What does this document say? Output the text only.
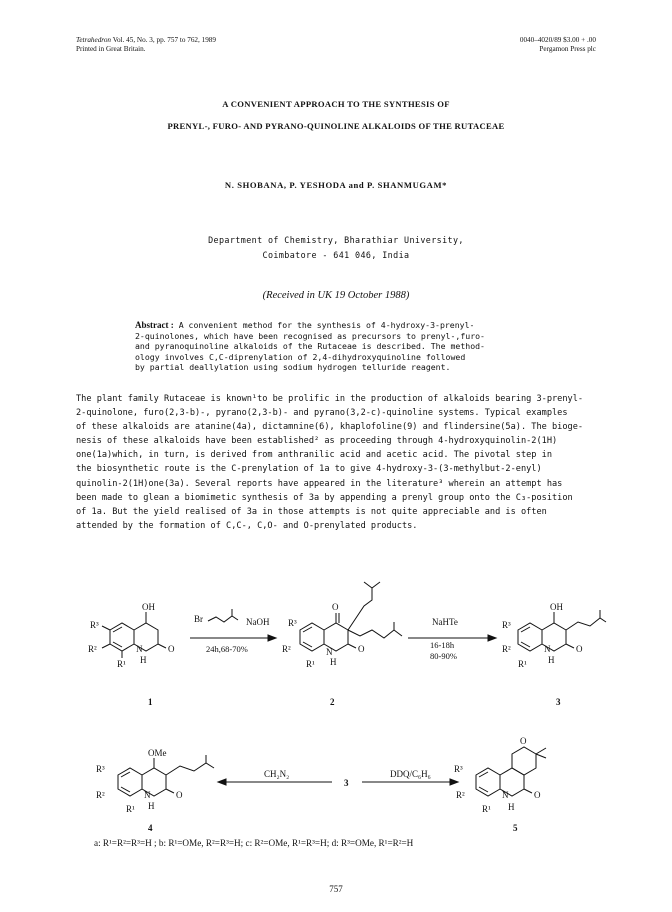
Tetrahedron Vol. 45, No. 3, pp. 757 to 762, 1989
Printed in Great Britain.
0040–4020/89 $3.00 + .00
Pergamon Press plc
A CONVENIENT APPROACH TO THE SYNTHESIS OF
PRENYL-, FURO- AND PYRANO-QUINOLINE ALKALOIDS OF THE RUTACEAE
N. SHOBANA, P. YESHODA and P. SHANMUGAM*
Department of Chemistry, Bharathiar University,
Coimbatore - 641 046, India
(Received in UK 19 October 1988)
Abstract : A convenient method for the synthesis of 4-hydroxy-3-prenyl-
2-quinolones, which have been recognised as precursors to prenyl-,furo-
and pyranoquinoline alkaloids of the Rutaceae is described. The method-
ology involves C,C-diprenylation of 2,4-dihydroxyquinoline followed
by partial deallylation using sodium hydrogen telluride reagent.

The plant family Rutaceae is known¹to be prolific in the production of alkaloids bearing 3-prenyl-

2-quinolone, furo(2,3-b)-, pyrano(2,3-b)- and pyrano(3,2-c)-quinoline systems. Typical examples

of these alkaloids are atanine(4a), dictamnine(6), khaplofoline(9) and flindersine(5a). The bioge-

nesis of these alkaloids have been established² as proceeding through 4-hydroxyquinolin-2(1H)

one(1a)which, in turn, is derived from anthranilic acid and acetic acid. The pivotal step in

the biosynthetic route is the C-prenylation of 1a to give 4-hydroxy-3-(3-methylbut-2-enyl)

quinolin-2(1H)one(3a). Several reports have appeared in the literature³ wherein an attempt has

been made to glean a biomimetic synthesis of 3a by appending a prenyl group onto the C₃-position

of 1a. But the yield realised of 3a in those attempts is not quite appreciable and is often

attended by the formation of C,C-, C,O- and O-prenylated products.

OH
R³
R²
R¹
N
H
O
Br	NaOH
24h,68-70%
R³
R²
R¹
N
H
O
O
NaHTe
16-18h
80-90%
OH
R³
R²
R¹
N
H
O
1	2	3
OMe
R³
R²
R¹
N
H
O
CH₂N₂
3
DDQ/C₆H₆
O
R³
R²
R¹
N
H
O
4	5
a: R¹=R²=R³=H ; b: R¹=OMe, R²=R³=H; c: R²=OMe, R¹=R³=H; d: R³=OMe, R¹=R²=H
757
